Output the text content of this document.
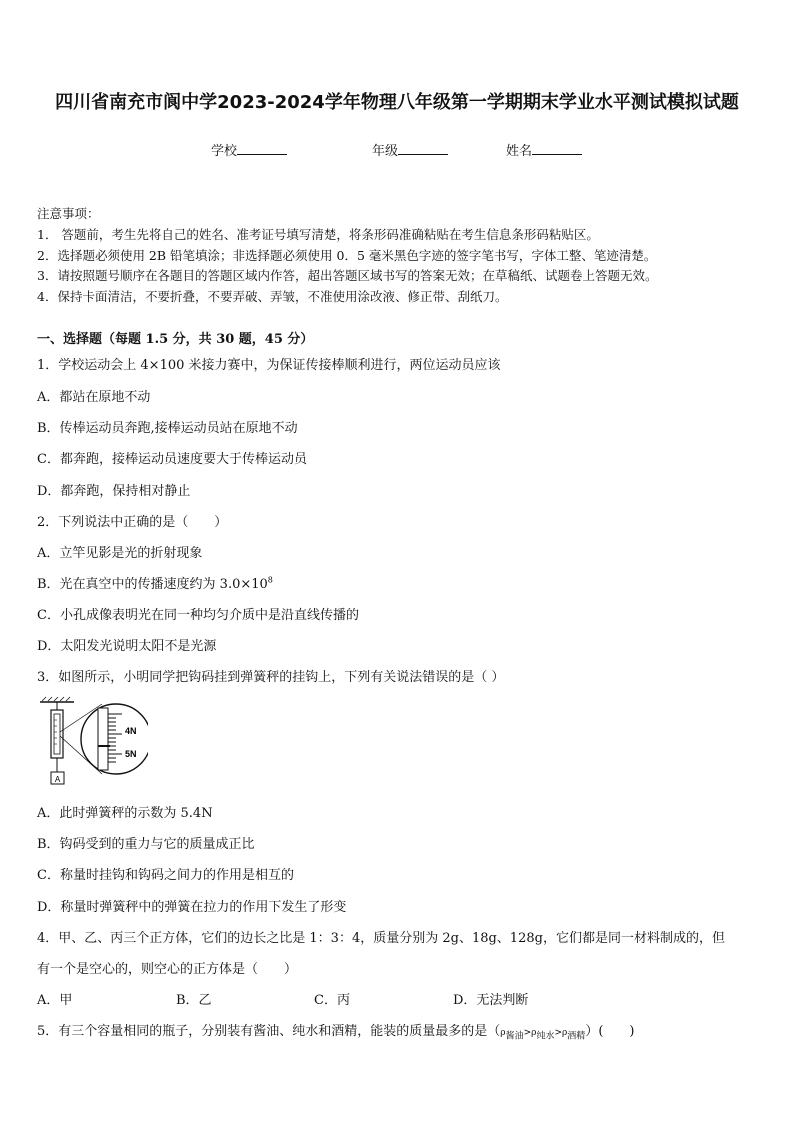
四川省南充市阆中学2023-2024学年物理八年级第一学期期末学业水平测试模拟试题
学校	年级	姓名
注意事项：
1． 答题前，考生先将自己的姓名、准考证号填写清楚，将条形码准确粘贴在考生信息条形码粘贴区。
2．选择题必须使用 2B 铅笔填涂；非选择题必须使用 0．5 毫米黑色字迹的签字笔书写，字体工整、笔迹清楚。
3．请按照题号顺序在各题目的答题区域内作答，超出答题区域书写的答案无效；在草稿纸、试题卷上答题无效。
4．保持卡面清洁，不要折叠，不要弄破、弄皱，不准使用涂改液、修正带、刮纸刀。
一、选择题（每题 1.5 分，共 30 题，45 分）
1．学校运动会上 4×100 米接力赛中，为保证传接棒顺利进行，两位运动员应该
A．都站在原地不动
B．传棒运动员奔跑,接棒运动员站在原地不动
C．都奔跑，接棒运动员速度要大于传棒运动员
D．都奔跑，保持相对静止
2．下列说法中正确的是（　　）
A．立竿见影是光的折射现象
B．光在真空中的传播速度约为 $3.0\times 10^8$
C．小孔成像表明光在同一种均匀介质中是沿直线传播的
D．太阳发光说明太阳不是光源
3．如图所示，小明同学把钩码挂到弹簧秤的挂钩上，下列有关说法错误的是（ ）
A
4N
5N
A．此时弹簧秤的示数为 5.4N
B．钩码受到的重力与它的质量成正比
C．称量时挂钩和钩码之间力的作用是相互的
D．称量时弹簧秤中的弹簧在拉力的作用下发生了形变
4．甲、乙、丙三个正方体，它们的边长之比是 1：3：4，质量分别为 2g、18g、128g，它们都是同一材料制成的，但
有一个是空心的，则空心的正方体是（　　）
A．甲	B．乙	C．丙	D．无法判断
5．有三个容量相同的瓶子，分别装有酱油、纯水和酒精，能装的质量最多的是$(\rho_{酱油}>\rho_{纯水}>\rho_{酒精})$(　　)
